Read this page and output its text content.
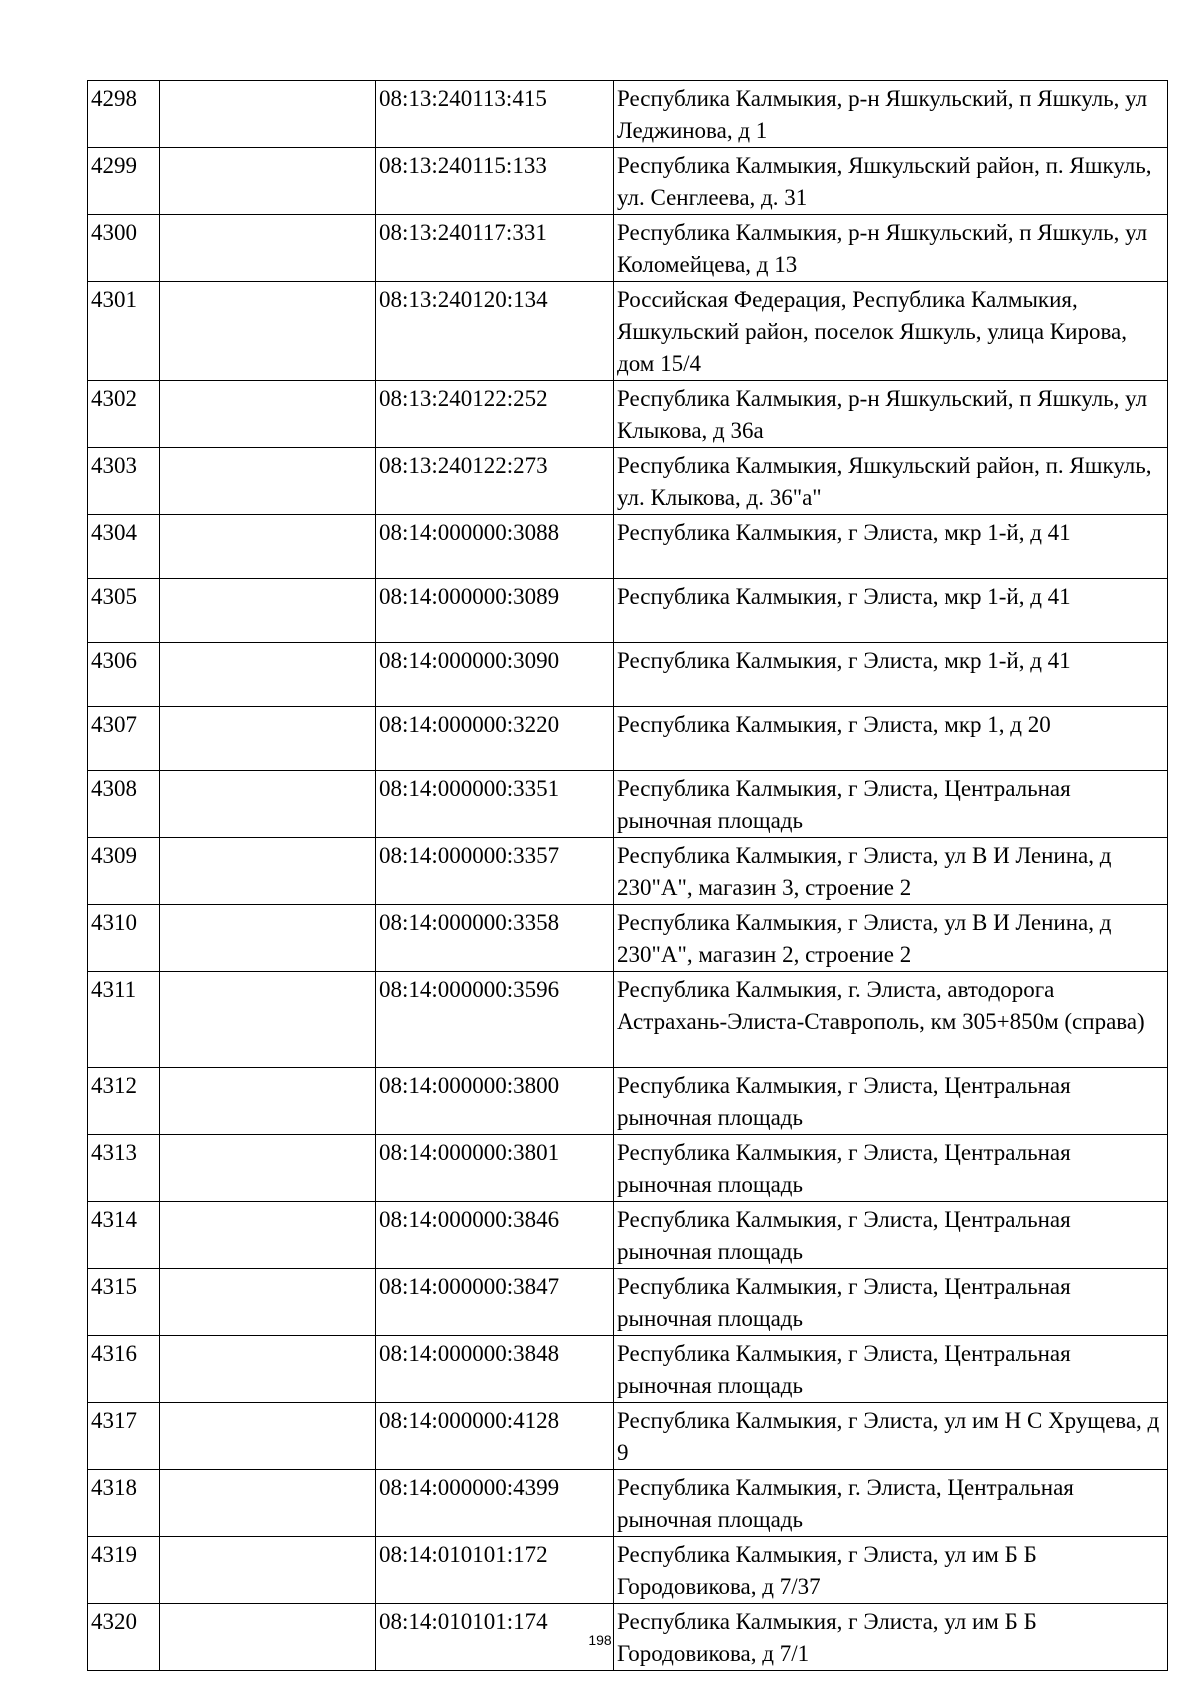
4298		08:13:240113:415	Республика Калмыкия, р-н Яшкульский, п Яшкуль, ул Леджинова, д 1
4299		08:13:240115:133	Республика Калмыкия, Яшкульский район, п. Яшкуль, ул. Сенглеева, д. 31
4300		08:13:240117:331	Республика Калмыкия, р-н Яшкульский, п Яшкуль, ул Коломейцева, д 13
4301		08:13:240120:134	Российская Федерация, Республика Калмыкия, Яшкульский район, поселок Яшкуль, улица Кирова, дом 15/4
4302		08:13:240122:252	Республика Калмыкия, р-н Яшкульский, п Яшкуль, ул Клыкова, д 36а
4303		08:13:240122:273	Республика Калмыкия, Яшкульский район, п. Яшкуль, ул. Клыкова, д. 36"а"
4304		08:14:000000:3088	Республика Калмыкия, г Элиста, мкр 1-й, д 41
4305		08:14:000000:3089	Республика Калмыкия, г Элиста, мкр 1-й, д 41
4306		08:14:000000:3090	Республика Калмыкия, г Элиста, мкр 1-й, д 41
4307		08:14:000000:3220	Республика Калмыкия, г Элиста, мкр 1, д 20
4308		08:14:000000:3351	Республика Калмыкия, г Элиста, Центральная рыночная площадь
4309		08:14:000000:3357	Республика Калмыкия, г Элиста, ул В И Ленина, д 230"А", магазин 3, строение 2
4310		08:14:000000:3358	Республика Калмыкия, г Элиста, ул В И Ленина, д 230"А", магазин 2, строение 2
4311		08:14:000000:3596	Республика Калмыкия, г. Элиста, автодорога Астрахань-Элиста-Ставрополь, км 305+850м (справа)
4312		08:14:000000:3800	Республика Калмыкия, г Элиста, Центральная рыночная площадь
4313		08:14:000000:3801	Республика Калмыкия, г Элиста, Центральная рыночная площадь
4314		08:14:000000:3846	Республика Калмыкия, г Элиста, Центральная рыночная площадь
4315		08:14:000000:3847	Республика Калмыкия, г Элиста, Центральная рыночная площадь
4316		08:14:000000:3848	Республика Калмыкия, г Элиста, Центральная рыночная площадь
4317		08:14:000000:4128	Республика Калмыкия, г Элиста, ул им Н С Хрущева, д 9
4318		08:14:000000:4399	Республика Калмыкия, г. Элиста, Центральная рыночная площадь
4319		08:14:010101:172	Республика Калмыкия, г Элиста, ул им Б Б Городовикова, д 7/37
4320		08:14:010101:174	Республика Калмыкия, г Элиста, ул им Б Б Городовикова, д 7/1
198
